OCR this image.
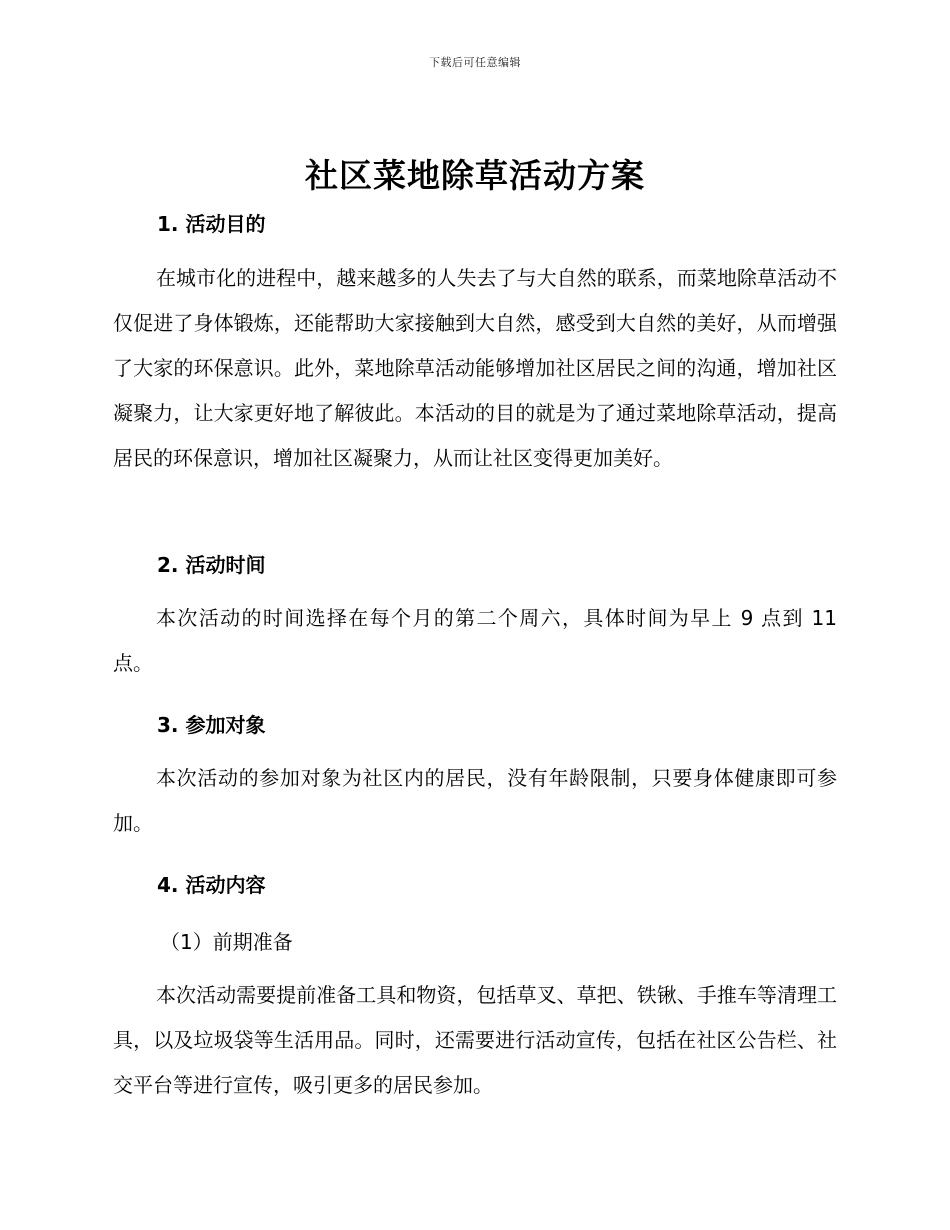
下载后可任意编辑
社区菜地除草活动方案
1. 活动目的

在城市化的进程中，越来越多的人失去了与大自然的联系，而菜地除草活动不仅促进了身体锻炼，还能帮助大家接触到大自然，感受到大自然的美好，从而增强了大家的环保意识。此外，菜地除草活动能够增加社区居民之间的沟通，增加社区凝聚力，让大家更好地了解彼此。本活动的目的就是为了通过菜地除草活动，提高居民的环保意识，增加社区凝聚力，从而让社区变得更加美好。

2. 活动时间

本次活动的时间选择在每个月的第二个周六，具体时间为早上 9 点到 11 点。

3. 参加对象

本次活动的参加对象为社区内的居民，没有年龄限制，只要身体健康即可参加。

4. 活动内容
（1）前期准备

本次活动需要提前准备工具和物资，包括草叉、草把、铁锹、手推车等清理工具，以及垃圾袋等生活用品。同时，还需要进行活动宣传，包括在社区公告栏、社交平台等进行宣传，吸引更多的居民参加。
